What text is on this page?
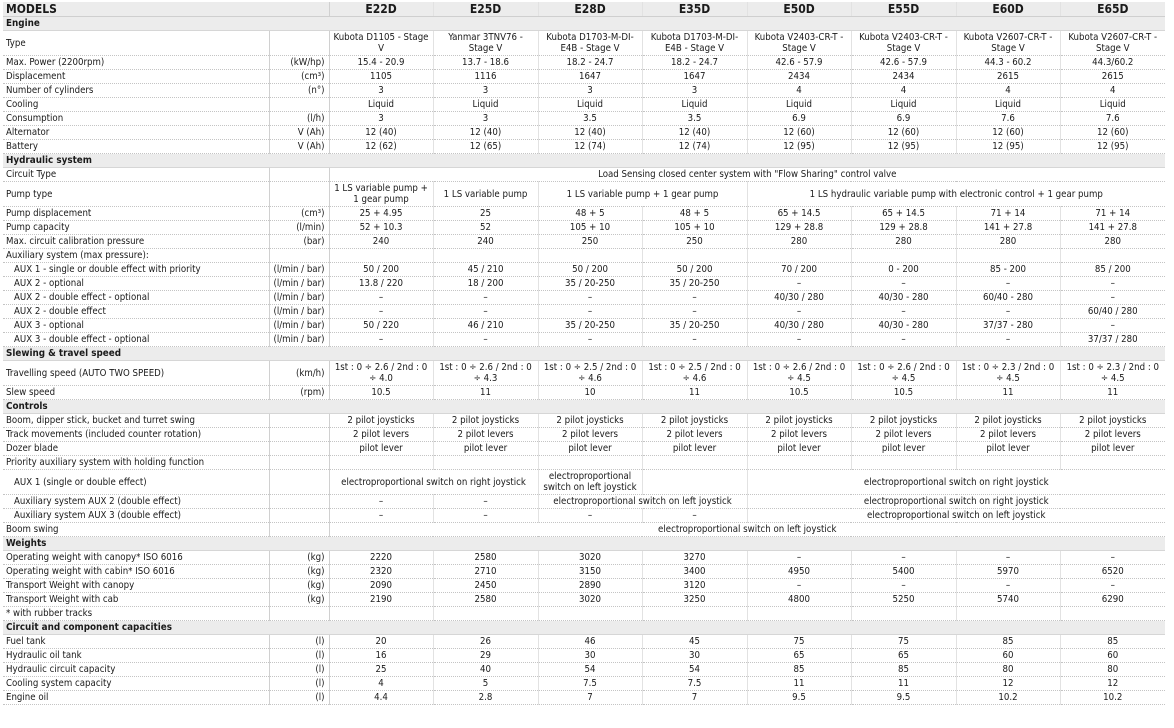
MODELS		E22D	E25D	E28D	E35D	E50D	E55D	E60D	E65D
Engine									
Type		Kubota D1105 - Stage V	Yanmar 3TNV76 - Stage V	Kubota D1703-M-DI-E4B - Stage V	Kubota D1703-M-DI-E4B - Stage V	Kubota V2403-CR-T - Stage V	Kubota V2403-CR-T - Stage V	Kubota V2607-CR-T - Stage V	Kubota V2607-CR-T - Stage V
Max. Power (2200rpm)	(kW/hp)	15.4 - 20.9	13.7 - 18.6	18.2 - 24.7	18.2 - 24.7	42.6 - 57.9	42.6 - 57.9	44.3 - 60.2	44.3/60.2
Displacement	(cm³)	1105	1116	1647	1647	2434	2434	2615	2615
Number of cylinders	(n°)	3	3	3	3	4	4	4	4
Cooling		Liquid	Liquid	Liquid	Liquid	Liquid	Liquid	Liquid	Liquid
Consumption	(l/h)	3	3	3.5	3.5	6.9	6.9	7.6	7.6
Alternator	V (Ah)	12 (40)	12 (40)	12 (40)	12 (40)	12 (60)	12 (60)	12 (60)	12 (60)
Battery	V (Ah)	12 (62)	12 (65)	12 (74)	12 (74)	12 (95)	12 (95)	12 (95)	12 (95)
Hydraulic system									
Circuit Type		Load Sensing closed center system with "Flow Sharing" control valve							
Pump type		1 LS variable pump + 1 gear pump	1 LS variable pump	1 LS variable pump + 1 gear pump		1 LS hydraulic variable pump with electronic control + 1 gear pump			
Pump displacement	(cm³)	25 + 4.95	25	48 + 5	48 + 5	65 + 14.5	65 + 14.5	71 + 14	71 + 14
Pump capacity	(l/min)	52 + 10.3	52	105 + 10	105 + 10	129 + 28.8	129 + 28.8	141 + 27.8	141 + 27.8
Max. circuit calibration pressure	(bar)	240	240	250	250	280	280	280	280
Auxiliary system (max pressure):									
AUX 1 - single or double effect with priority	(l/min / bar)	50 / 200	45 / 210	50 / 200	50 / 200	70 / 200	0 - 200	85 - 200	85 / 200
AUX 2 - optional	(l/min / bar)	13.8 / 220	18 / 200	35 / 20-250	35 / 20-250	–	–	–	–
AUX 2 - double effect - optional	(l/min / bar)	–	–	–	–	40/30 / 280	40/30 - 280	60/40 - 280	–
AUX 2 - double effect	(l/min / bar)	–	–	–	–	–	–	–	60/40 / 280
AUX 3 - optional	(l/min / bar)	50 / 220	46 / 210	35 / 20-250	35 / 20-250	40/30 / 280	40/30 - 280	37/37 - 280	–
AUX 3 - double effect - optional	(l/min / bar)	–	–	–	–	–	–	–	37/37 / 280
Slewing & travel speed									
Travelling speed (AUTO TWO SPEED)	(km/h)	1st : 0 ÷ 2.6 / 2nd : 0 ÷ 4.0	1st : 0 ÷ 2.6 / 2nd : 0 ÷ 4.3	1st : 0 ÷ 2.5 / 2nd : 0 ÷ 4.6	1st : 0 ÷ 2.5 / 2nd : 0 ÷ 4.6	1st : 0 ÷ 2.6 / 2nd : 0 ÷ 4.5	1st : 0 ÷ 2.6 / 2nd : 0 ÷ 4.5	1st : 0 ÷ 2.3 / 2nd : 0 ÷ 4.5	1st : 0 ÷ 2.3 / 2nd : 0 ÷ 4.5
Slew speed	(rpm)	10.5	11	10	11	10.5	10.5	11	11
Controls									
Boom, dipper stick, bucket and turret swing		2 pilot joysticks	2 pilot joysticks	2 pilot joysticks	2 pilot joysticks	2 pilot joysticks	2 pilot joysticks	2 pilot joysticks	2 pilot joysticks
Track movements (included counter rotation)		2 pilot levers	2 pilot levers	2 pilot levers	2 pilot levers	2 pilot levers	2 pilot levers	2 pilot levers	2 pilot levers
Dozer blade		pilot lever	pilot lever	pilot lever	pilot lever	pilot lever	pilot lever	pilot lever	pilot lever
Priority auxiliary system with holding function									
AUX 1 (single or double effect)		electroproportional switch on right joystick		electroproportional switch on left joystick		electroproportional switch on right joystick			
Auxiliary system AUX 2 (double effect)		–	–	electroproportional switch on left joystick		electroproportional switch on right joystick			
Auxiliary system AUX 3 (double effect)		–	–	–	–	electroproportional switch on left joystick			
Boom swing		electroproportional switch on left joystick							
Weights									
Operating weight with canopy* ISO 6016	(kg)	2220	2580	3020	3270	–	–	–	–
Operating weight with cabin* ISO 6016	(kg)	2320	2710	3150	3400	4950	5400	5970	6520
Transport Weight with canopy	(kg)	2090	2450	2890	3120	–	–	–	–
Transport Weight with cab	(kg)	2190	2580	3020	3250	4800	5250	5740	6290
* with rubber tracks									
Circuit and component capacities									
Fuel tank	(l)	20	26	46	45	75	75	85	85
Hydraulic oil tank	(l)	16	29	30	30	65	65	60	60
Hydraulic circuit capacity	(l)	25	40	54	54	85	85	80	80
Cooling system capacity	(l)	4	5	7.5	7.5	11	11	12	12
Engine oil	(l)	4.4	2.8	7	7	9.5	9.5	10.2	10.2
